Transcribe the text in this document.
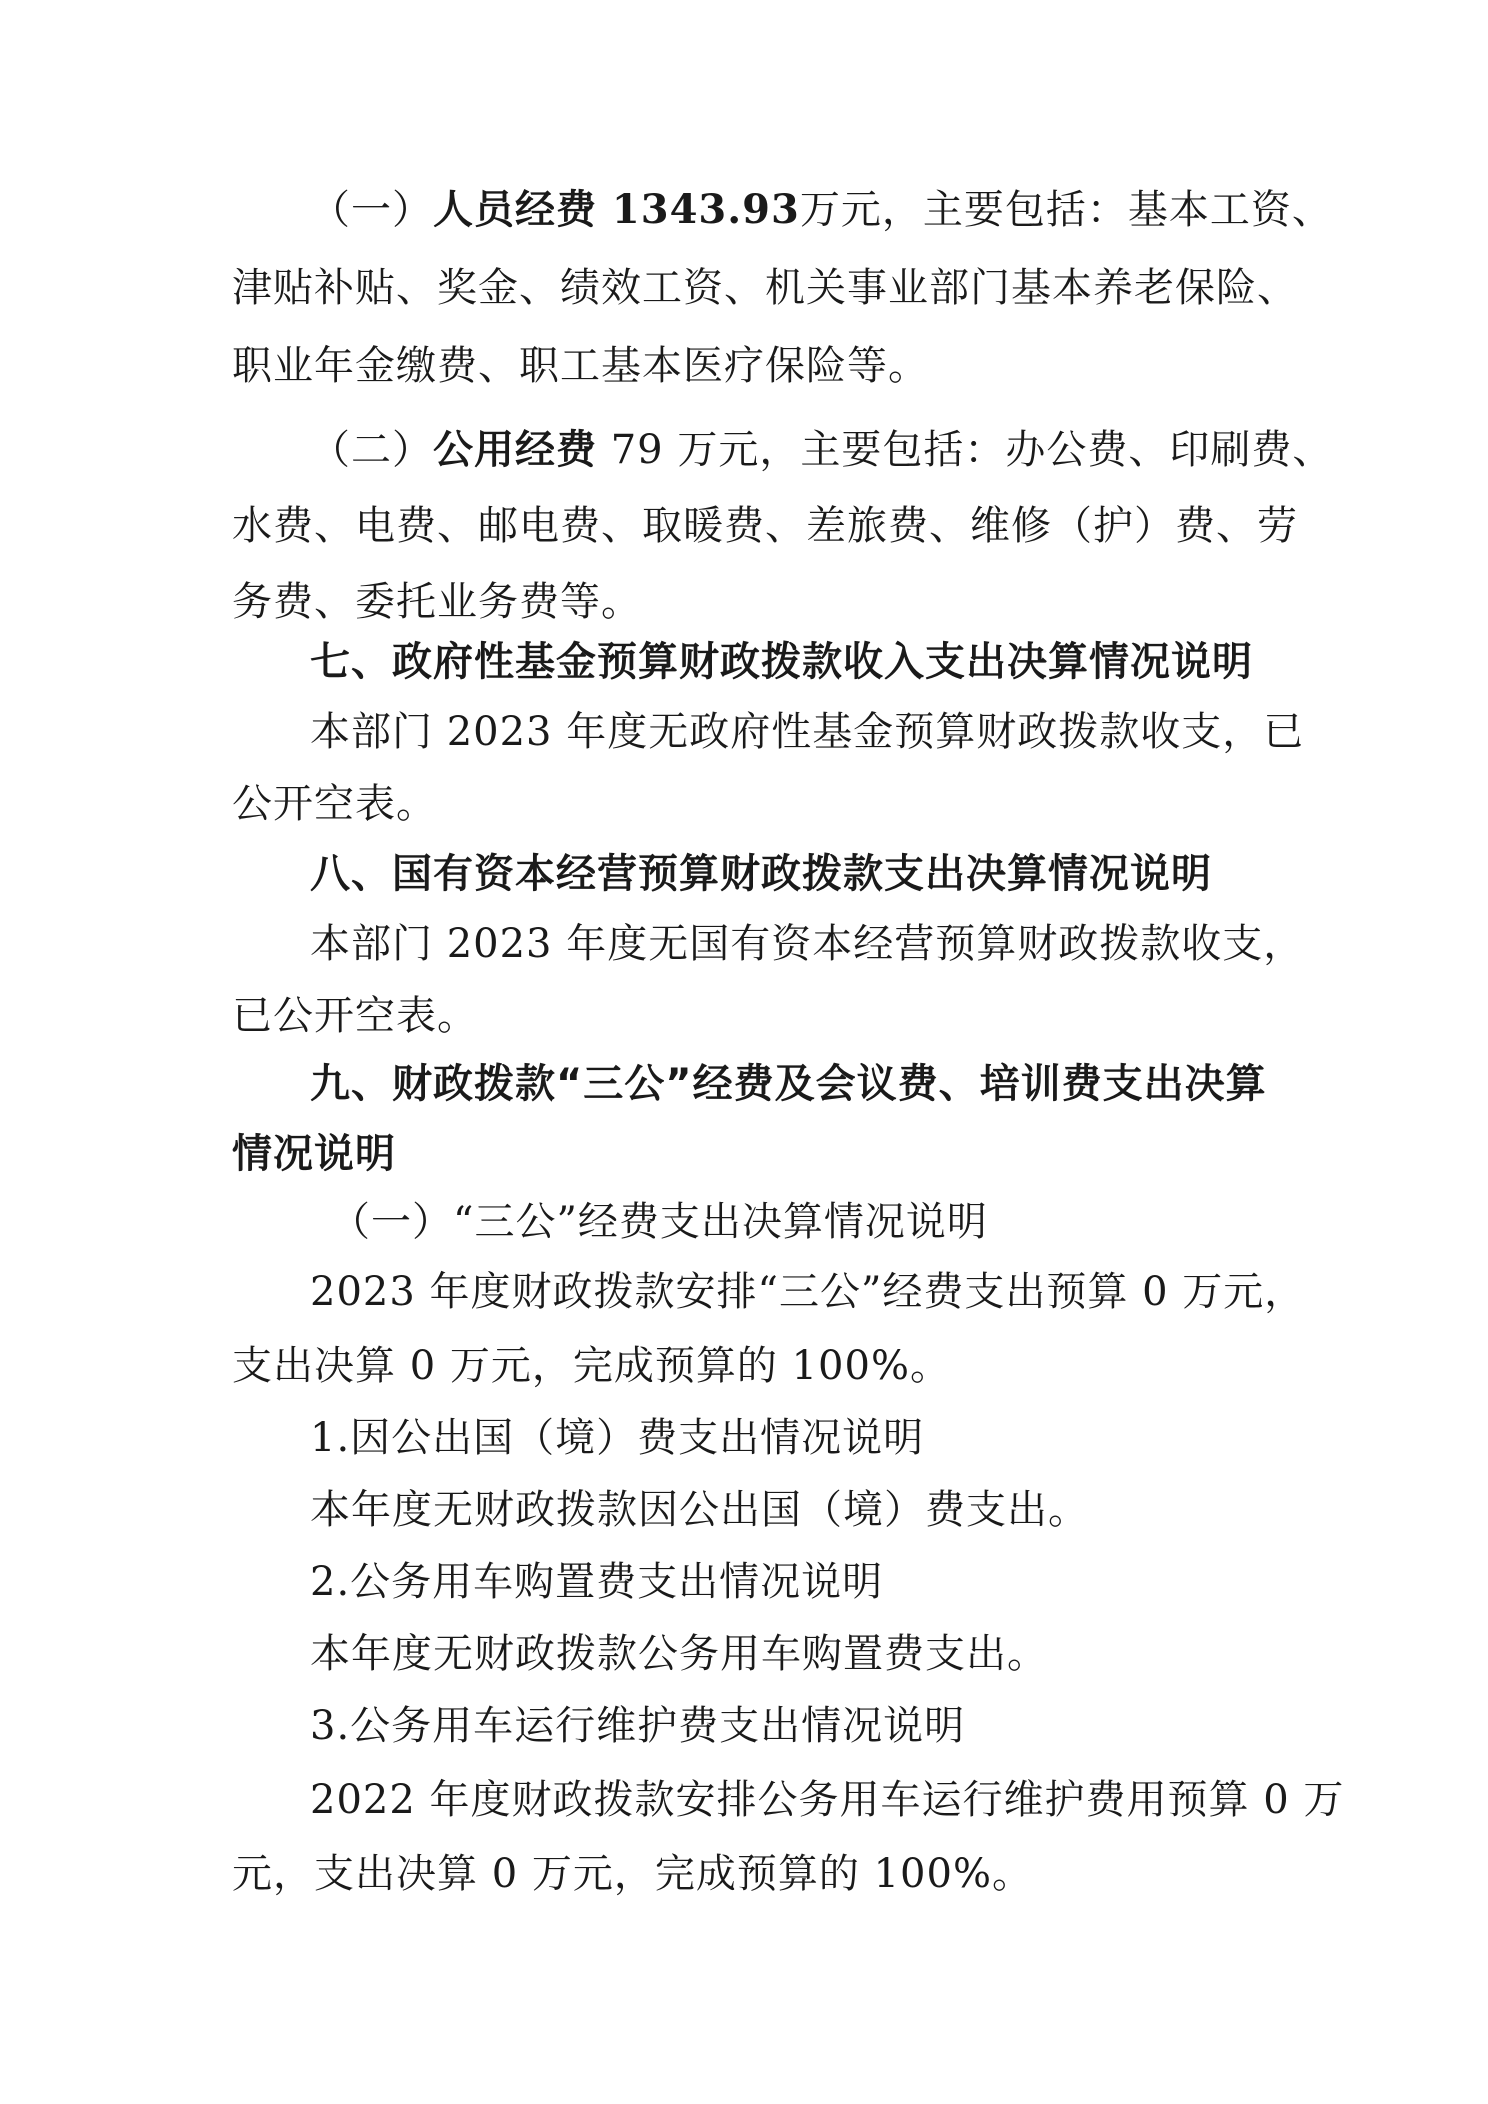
（一）人员经费 1343.93万元，主要包括：基本工资、
津贴补贴、奖金、绩效工资、机关事业部门基本养老保险、
职业年金缴费、职工基本医疗保险等。
（二）公用经费 79 万元，主要包括：办公费、印刷费、
水费、电费、邮电费、取暖费、差旅费、维修（护）费、劳
务费、委托业务费等。
七、政府性基金预算财政拨款收入支出决算情况说明
本部门 2023 年度无政府性基金预算财政拨款收支，已
公开空表。
八、国有资本经营预算财政拨款支出决算情况说明
本部门 2023 年度无国有资本经营预算财政拨款收支，
已公开空表。
九、财政拨款“三公”经费及会议费、培训费支出决算
情况说明
（一）“三公”经费支出决算情况说明
2023 年度财政拨款安排“三公”经费支出预算 0 万元，
支出决算 0 万元，完成预算的 100%。
1.因公出国（境）费支出情况说明
本年度无财政拨款因公出国（境）费支出。
2.公务用车购置费支出情况说明
本年度无财政拨款公务用车购置费支出。
3.公务用车运行维护费支出情况说明
2022 年度财政拨款安排公务用车运行维护费用预算 0 万
元，支出决算 0 万元，完成预算的 100%。
